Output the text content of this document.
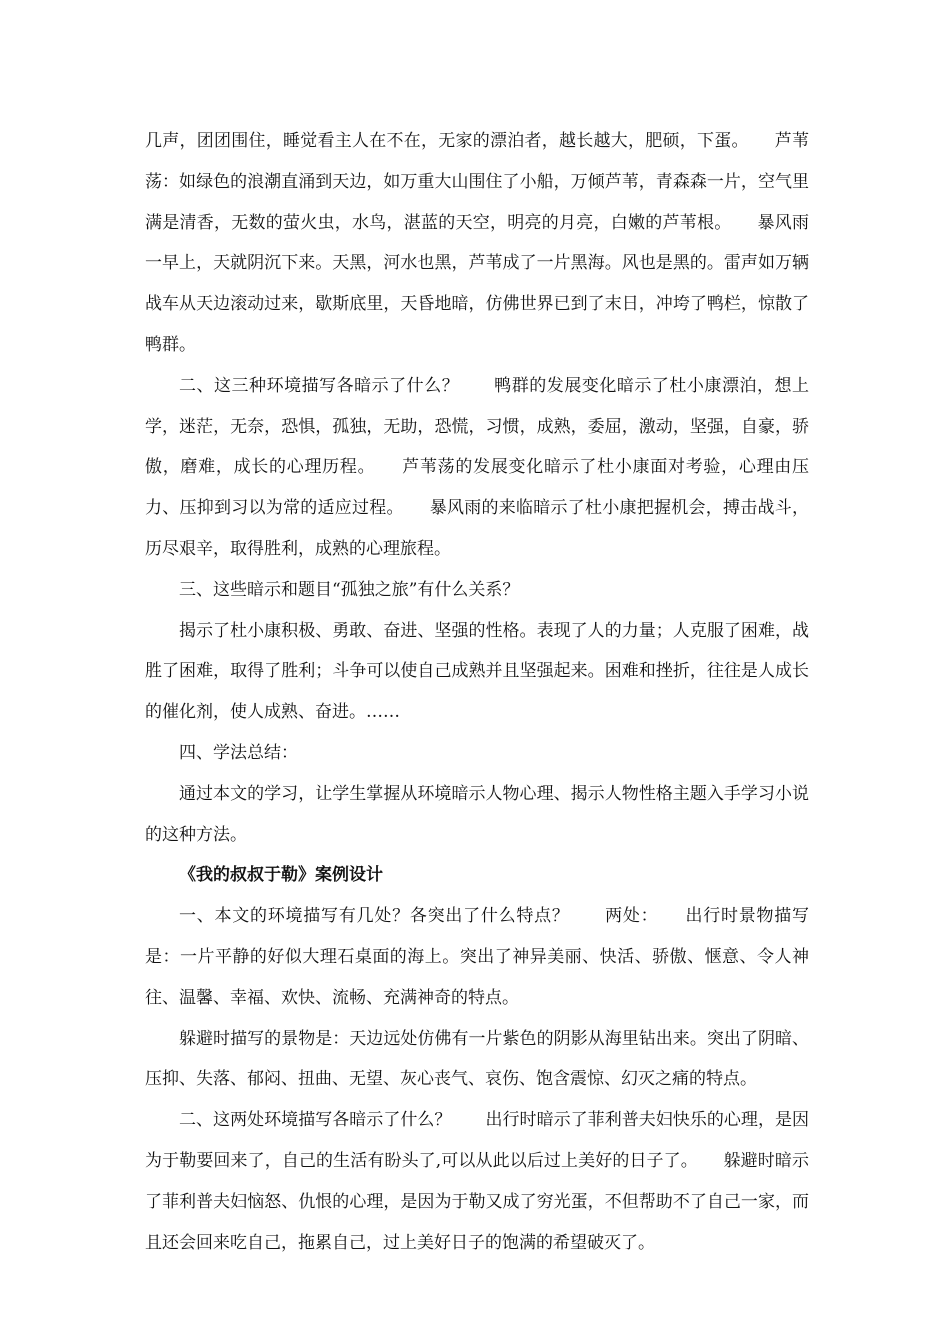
几声，团团围住，睡觉看主人在不在，无家的漂泊者，越长越大，肥硕，下蛋。　　芦苇荡：如绿色的浪潮直涌到天边，如万重大山围住了小船，万倾芦苇，青森森一片，空气里满是清香，无数的萤火虫，水鸟，湛蓝的天空，明亮的月亮，白嫩的芦苇根。　　暴风雨一早上，天就阴沉下来。天黑，河水也黑，芦苇成了一片黑海。风也是黑的。雷声如万辆战车从天边滚动过来，歇斯底里，天昏地暗，仿佛世界已到了末日，冲垮了鸭栏，惊散了鸭群。

二、这三种环境描写各暗示了什么？　　鸭群的发展变化暗示了杜小康漂泊，想上学，迷茫，无奈，恐惧，孤独，无助，恐慌，习惯，成熟，委屈，激动，坚强，自豪，骄傲，磨难，成长的心理历程。　　芦苇荡的发展变化暗示了杜小康面对考验，心理由压力、压抑到习以为常的适应过程。　　暴风雨的来临暗示了杜小康把握机会，搏击战斗，历尽艰辛，取得胜利，成熟的心理旅程。

三、这些暗示和题目“孤独之旅”有什么关系？

揭示了杜小康积极、勇敢、奋进、坚强的性格。表现了人的力量；人克服了困难，战胜了困难，取得了胜利；斗争可以使自己成熟并且坚强起来。困难和挫折，往往是人成长的催化剂，使人成熟、奋进。……

四、学法总结：

通过本文的学习，让学生掌握从环境暗示人物心理、揭示人物性格主题入手学习小说的这种方法。

《我的叔叔于勒》案例设计

一、本文的环境描写有几处？各突出了什么特点？　　两处：　　出行时景物描写是：一片平静的好似大理石桌面的海上。突出了神异美丽、快活、骄傲、惬意、令人神往、温馨、幸福、欢快、流畅、充满神奇的特点。

躲避时描写的景物是：天边远处仿佛有一片紫色的阴影从海里钻出来。突出了阴暗、压抑、失落、郁闷、扭曲、无望、灰心丧气、哀伤、饱含震惊、幻灭之痛的特点。

二、这两处环境描写各暗示了什么？　　出行时暗示了菲利普夫妇快乐的心理，是因为于勒要回来了，自己的生活有盼头了,可以从此以后过上美好的日子了。　　躲避时暗示了菲利普夫妇恼怒、仇恨的心理，是因为于勒又成了穷光蛋，不但帮助不了自己一家，而且还会回来吃自己，拖累自己，过上美好日子的饱满的希望破灭了。
